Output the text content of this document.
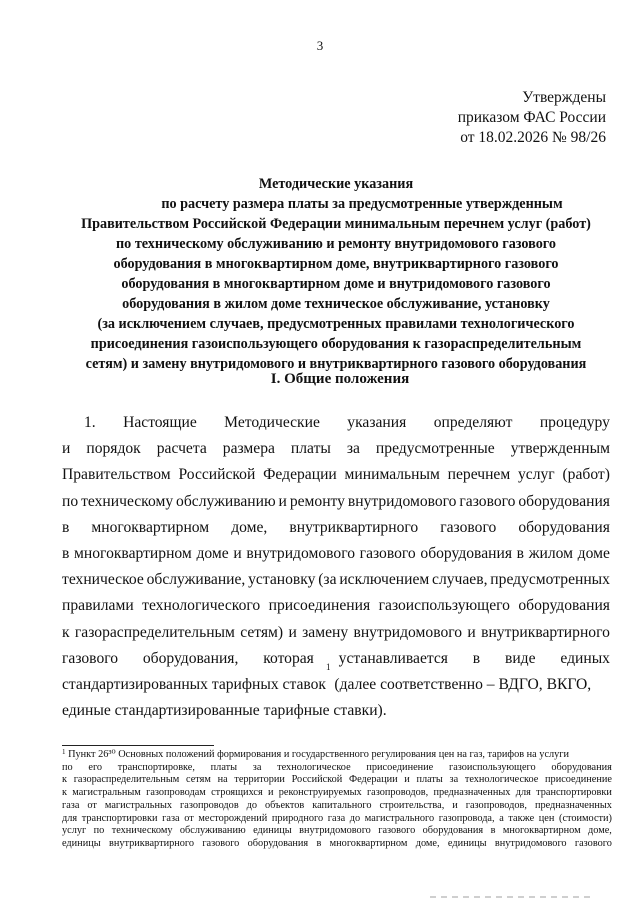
3
Утверждены
приказом ФАС России
от 18.02.2026 № 98/26
Методические указания
по расчету размера платы за предусмотренные утвержденным
Правительством Российской Федерации минимальным перечнем услуг (работ)
по техническому обслуживанию и ремонту внутридомового газового
оборудования в многоквартирном доме, внутриквартирного газового
оборудования в многоквартирном доме и внутридомового газового
оборудования в жилом доме техническое обслуживание, установку
(за исключением случаев, предусмотренных правилами технологического
присоединения газоиспользующего оборудования к газораспределительным
сетям) и замену внутридомового и внутриквартирного газового оборудования
I. Общие положения
1. Настоящие Методические указания определяют процедуру
и порядок расчета размера платы за предусмотренные утвержденным
Правительством Российской Федерации минимальным перечнем услуг (работ)
по техническому обслуживанию и ремонту внутридомового газового оборудования
в многоквартирном доме, внутриквартирного газового оборудования
в многоквартирном доме и внутридомового газового оборудования в жилом доме
техническое обслуживание, установку (за исключением случаев, предусмотренных
правилами технологического присоединения газоиспользующего оборудования
к газораспределительным сетям) и замену внутридомового и внутриквартирного
газового оборудования, которая устанавливается в виде единых
стандартизированных тарифных ставок
$^1$

(далее соответственно – ВДГО, ВКГО,
единые стандартизированные тарифные ставки).
$^1$ Пункт 26³⁰ Основных положений формирования и государственного регулирования цен на газ, тарифов на услуги
по его транспортировке, платы за технологическое присоединение газоиспользующего оборудования
к газораспределительным сетям на территории Российской Федерации и платы за технологическое присоединение
к магистральным газопроводам строящихся и реконструируемых газопроводов, предназначенных для транспортировки
газа от магистральных газопроводов до объектов капитального строительства, и газопроводов, предназначенных
для транспортировки газа от месторождений природного газа до магистрального газопровода, а также цен (стоимости)
услуг по техническому обслуживанию единицы внутридомового газового оборудования в многоквартирном доме,
единицы внутриквартирного газового оборудования в многоквартирном доме, единицы внутридомового газового
